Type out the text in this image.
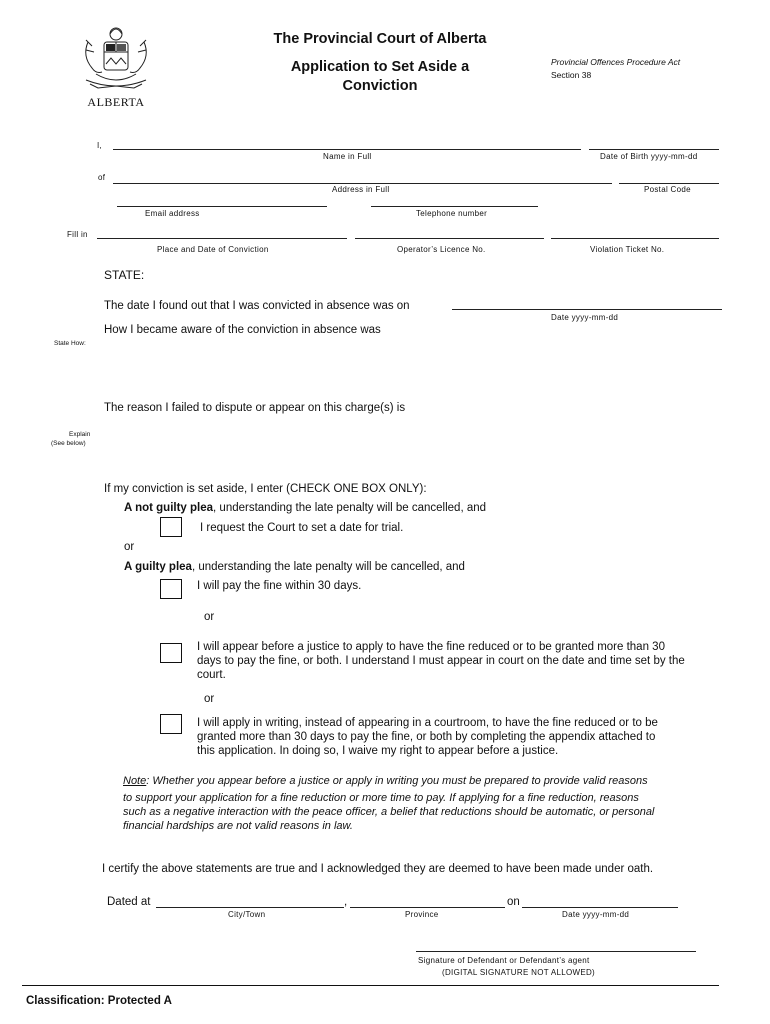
ALBERTA
The Provincial Court of Alberta
Application to Set Aside a
Conviction
Provincial Offences Procedure Act
Section 38
I,
Name in Full	Date of Birth yyyy-mm-dd
of
Address in Full	Postal Code
Email address	Telephone number
Fill in
Place and Date of Conviction	Operator’s Licence No.	Violation Ticket No.
STATE:
The date I found out that I was convicted in absence was on
Date yyyy-mm-dd
How I became aware of the conviction in absence was
State How:
The reason I failed to dispute or appear on this charge(s) is
Explain
(See below)
If my conviction is set aside, I enter (CHECK ONE BOX ONLY):
A not guilty plea, understanding the late penalty will be cancelled, and
I request the Court to set a date for trial.
or
A guilty plea, understanding the late penalty will be cancelled, and
I will pay the fine within 30 days.
or
I will appear before a justice to apply to have the fine reduced or to be granted more than 30
days to pay the fine, or both. I understand I must appear in court on the date and time set by the
court.
or
I will apply in writing, instead of appearing in a courtroom, to have the fine reduced or to be
granted more than 30 days to pay the fine, or both by completing the appendix attached to
this application. In doing so, I waive my right to appear before a justice.
Note: Whether you appear before a justice or apply in writing you must be prepared to provide valid reasons
to support your application for a fine reduction or more time to pay. If applying for a fine reduction, reasons
such as a negative interaction with the peace officer, a belief that reductions should be automatic, or personal
financial hardships are not valid reasons in law.
I certify the above statements are true and I acknowledged they are deemed to have been made under oath.
Dated at	,	on
City/Town	Province	Date yyyy-mm-dd
Signature of Defendant or Defendant’s agent
(DIGITAL SIGNATURE NOT ALLOWED)
Classification: Protected A
